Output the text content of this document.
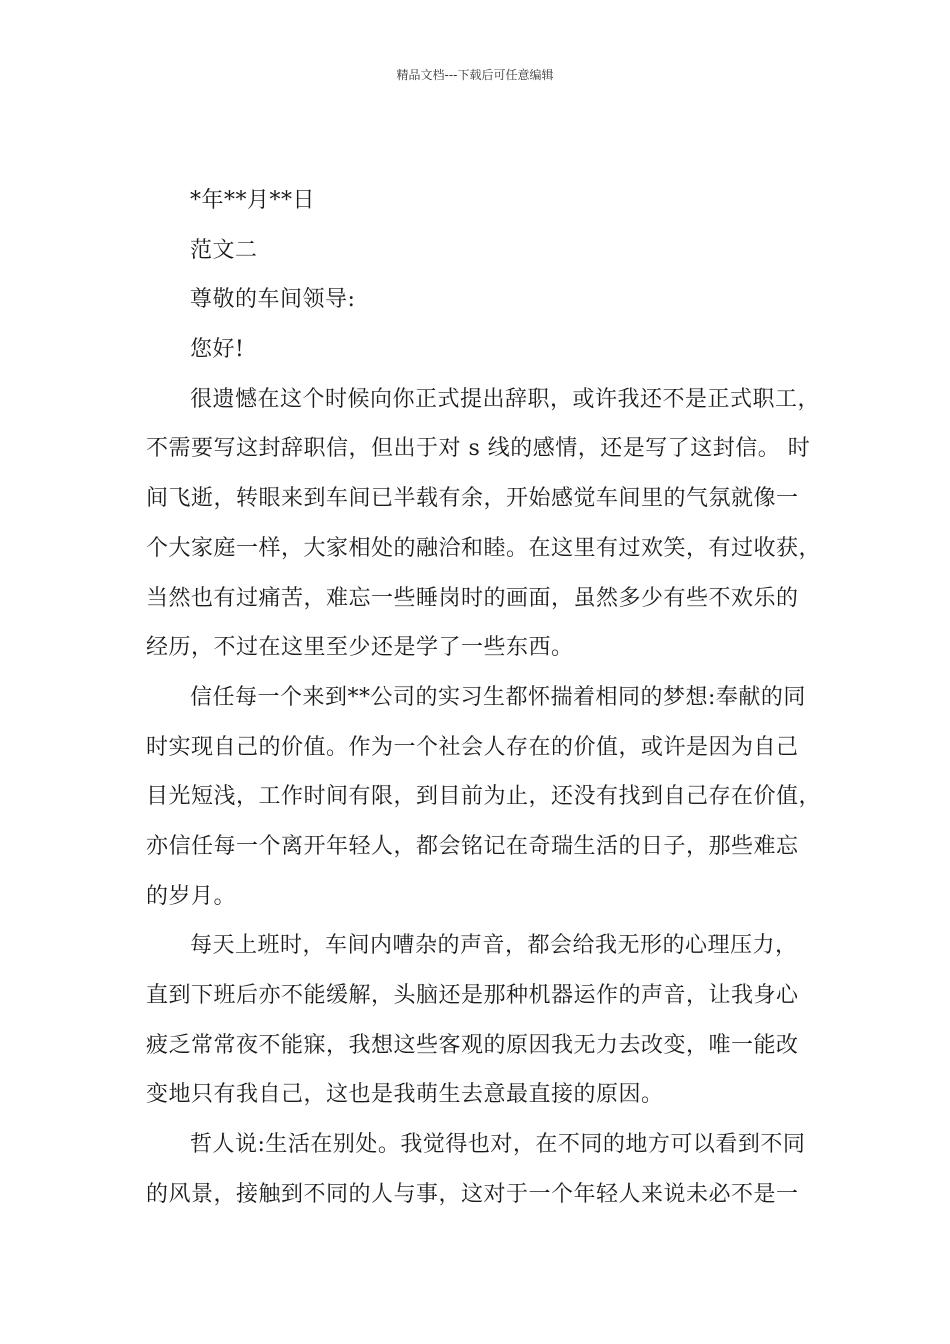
精品文档---下载后可任意编辑
*年**月**日
范文二
尊敬的车间领导:
您好!
很遗憾在这个时候向你正式提出辞职，或许我还不是正式职工，
不需要写这封辞职信，但出于对 s 线的感情，还是写了这封信。 时
间飞逝，转眼来到车间已半载有余，开始感觉车间里的气氛就像一
个大家庭一样，大家相处的融洽和睦。在这里有过欢笑，有过收获，
当然也有过痛苦，难忘一些睡岗时的画面，虽然多少有些不欢乐的
经历，不过在这里至少还是学了一些东西。
信任每一个来到**公司的实习生都怀揣着相同的梦想:奉献的同
时实现自己的价值。作为一个社会人存在的价值，或许是因为自己
目光短浅，工作时间有限，到目前为止，还没有找到自己存在价值，
亦信任每一个离开年轻人，都会铭记在奇瑞生活的日子，那些难忘
的岁月。
每天上班时，车间内嘈杂的声音，都会给我无形的心理压力，
直到下班后亦不能缓解，头脑还是那种机器运作的声音，让我身心
疲乏常常夜不能寐，我想这些客观的原因我无力去改变，唯一能改
变地只有我自己，这也是我萌生去意最直接的原因。
哲人说:生活在别处。我觉得也对，在不同的地方可以看到不同
的风景，接触到不同的人与事，这对于一个年轻人来说未必不是一
